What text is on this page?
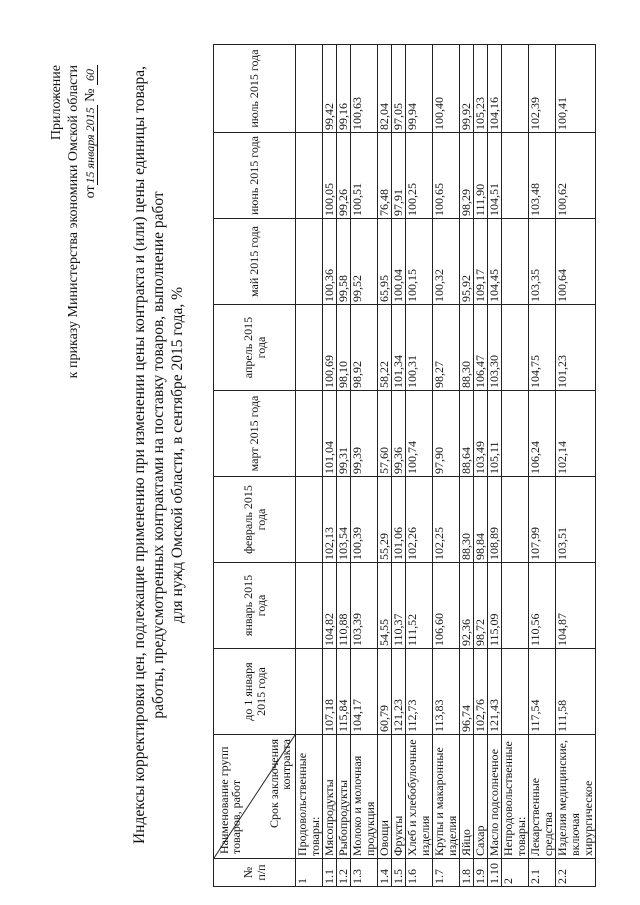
Приложение к приказу Министерства экономики Омской области от15 января 2015 № 60 Индексы корректировки цен, подлежащие применению при изменении цены контракта и (или) цены единицы товара, работы, предусмотренных контрактами на поставку товаров, выполнение работ для нужд Омской области, в сентябре 2015 года, %
№ п/п	Наименование групп товаров, работ Срок заключения контракта	до 1 января 2015 года	январь 2015 года	февраль 2015 года	март 2015 года	апрель 2015 года	май 2015 года	июнь 2015 года	июль 2015 года
1	Продовольственные товары:								
1.1	Мясопродукты	107,18	104,82	102,13	101,04	100,69	100,36	100,05	99,42
1.2	Рыбопродукты	115,84	110,88	103,54	99,31	98,10	99,58	99,26	99,16
1.3	Молоко и молочная продукция	104,17	103,39	100,39	99,39	98,92	99,52	100,51	100,63
1.4	Овощи	60,79	54,55	55,29	57,60	58,22	65,95	76,48	82,04
1.5	Фрукты	121,23	110,37	101,06	99,36	101,34	100,04	97,91	97,05
1.6	Хлеб и хлебобулочные изделия	112,73	111,52	102,26	100,74	100,31	100,15	100,25	99,94
1.7	Крупы и макаронные изделия	113,83	106,60	102,25	97,90	98,27	100,32	100,65	100,40
1.8	Яйцо	96,74	92,36	88,30	88,64	88,30	95,92	98,29	99,92
1.9	Сахар	102,76	98,72	98,84	103,49	106,47	109,17	111,90	105,23
1.10	Масло подсолнечное	121,43	115,09	108,89	105,11	103,30	104,45	104,51	104,16
2	Непродовольственные товары:								
2.1	Лекарственные средства	117,54	110,56	107,99	106,24	104,75	103,35	103,48	102,39
2.2	Изделия медицинские, включая хирургическое	111,58	104,87	103,51	102,14	101,23	100,64	100,62	100,41
